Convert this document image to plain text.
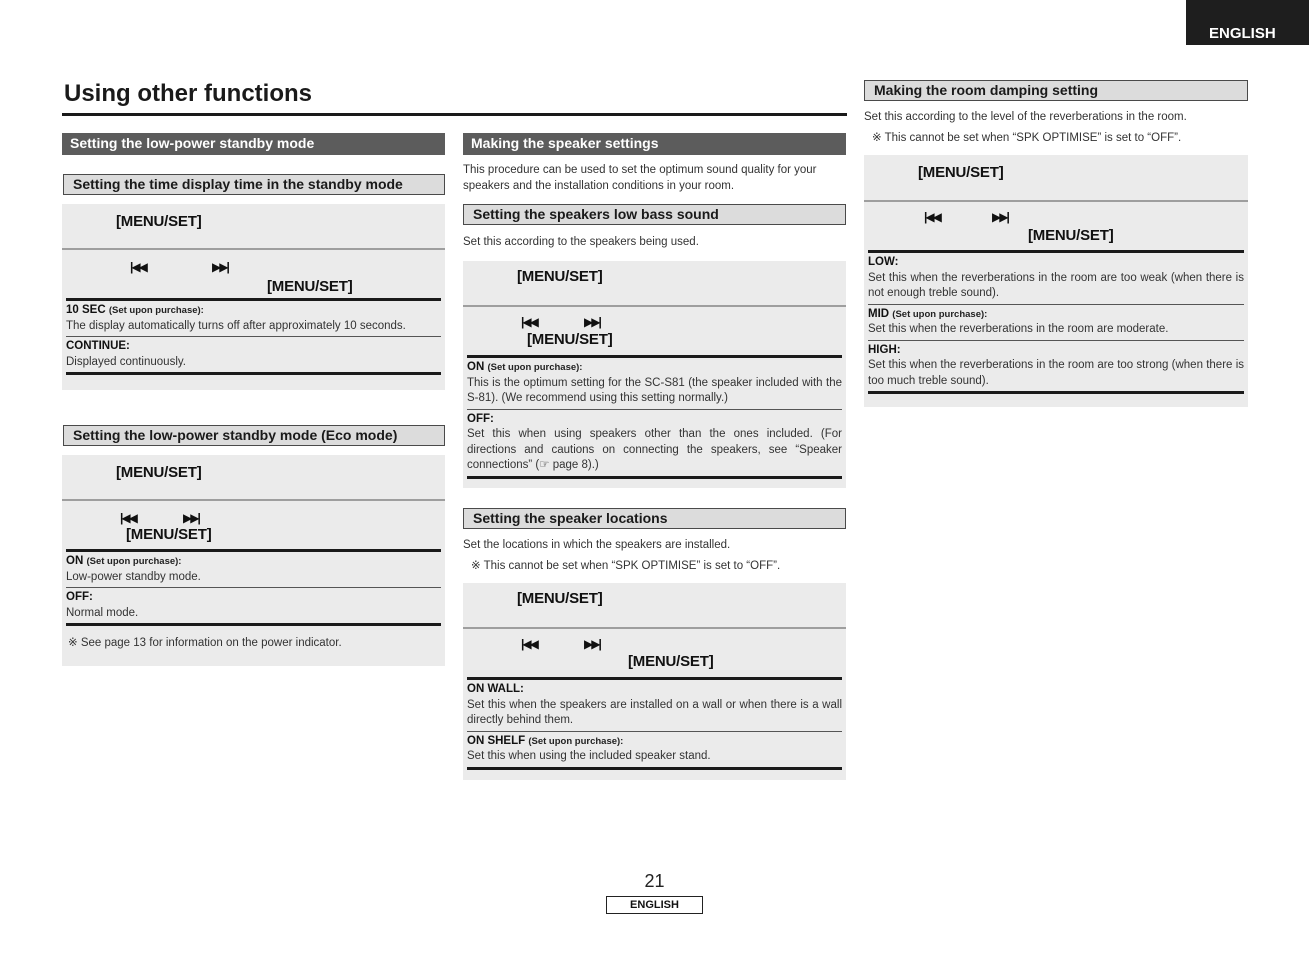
ENGLISH
Using other functions
Setting the low-power standby mode
Setting the time display time in the standby mode
[MENU/SET]
|◀◀	▶▶|
[MENU/SET]
10 SEC (Set upon purchase):
The display automatically turns off after approximately 10 seconds.
CONTINUE:
Displayed continuously.
Setting the low-power standby mode (Eco mode)
[MENU/SET]
|◀◀	▶▶|
[MENU/SET]
ON (Set upon purchase):
Low-power standby mode.
OFF:
Normal mode.
※ See page 13 for information on the power indicator.
Making the speaker settings
This procedure can be used to set the optimum sound quality for your speakers and the installation conditions in your room.
Setting the speakers low bass sound
Set this according to the speakers being used.
[MENU/SET]
|◀◀	▶▶|
[MENU/SET]
ON (Set upon purchase):
This is the optimum setting for the SC-S81 (the speaker included with the S-81). (We recommend using this setting normally.)
OFF:
Set this when using speakers other than the ones included. (For directions and cautions on connecting the speakers, see “Speaker connections” (☞ page 8).)
Setting the speaker locations
Set the locations in which the speakers are installed.
※ This cannot be set when “SPK OPTIMISE” is set to “OFF”.
[MENU/SET]
|◀◀	▶▶|
[MENU/SET]
ON WALL:
Set this when the speakers are installed on a wall or when there is a wall directly behind them.
ON SHELF (Set upon purchase):
Set this when using the included speaker stand.
Making the room damping setting
Set this according to the level of the reverberations in the room.
※ This cannot be set when “SPK OPTIMISE” is set to “OFF”.
[MENU/SET]
|◀◀	▶▶|
[MENU/SET]
LOW:
Set this when the reverberations in the room are too weak (when there is not enough treble sound).
MID (Set upon purchase):
Set this when the reverberations in the room are moderate.
HIGH:
Set this when the reverberations in the room are too strong (when there is too much treble sound).
21
ENGLISH
